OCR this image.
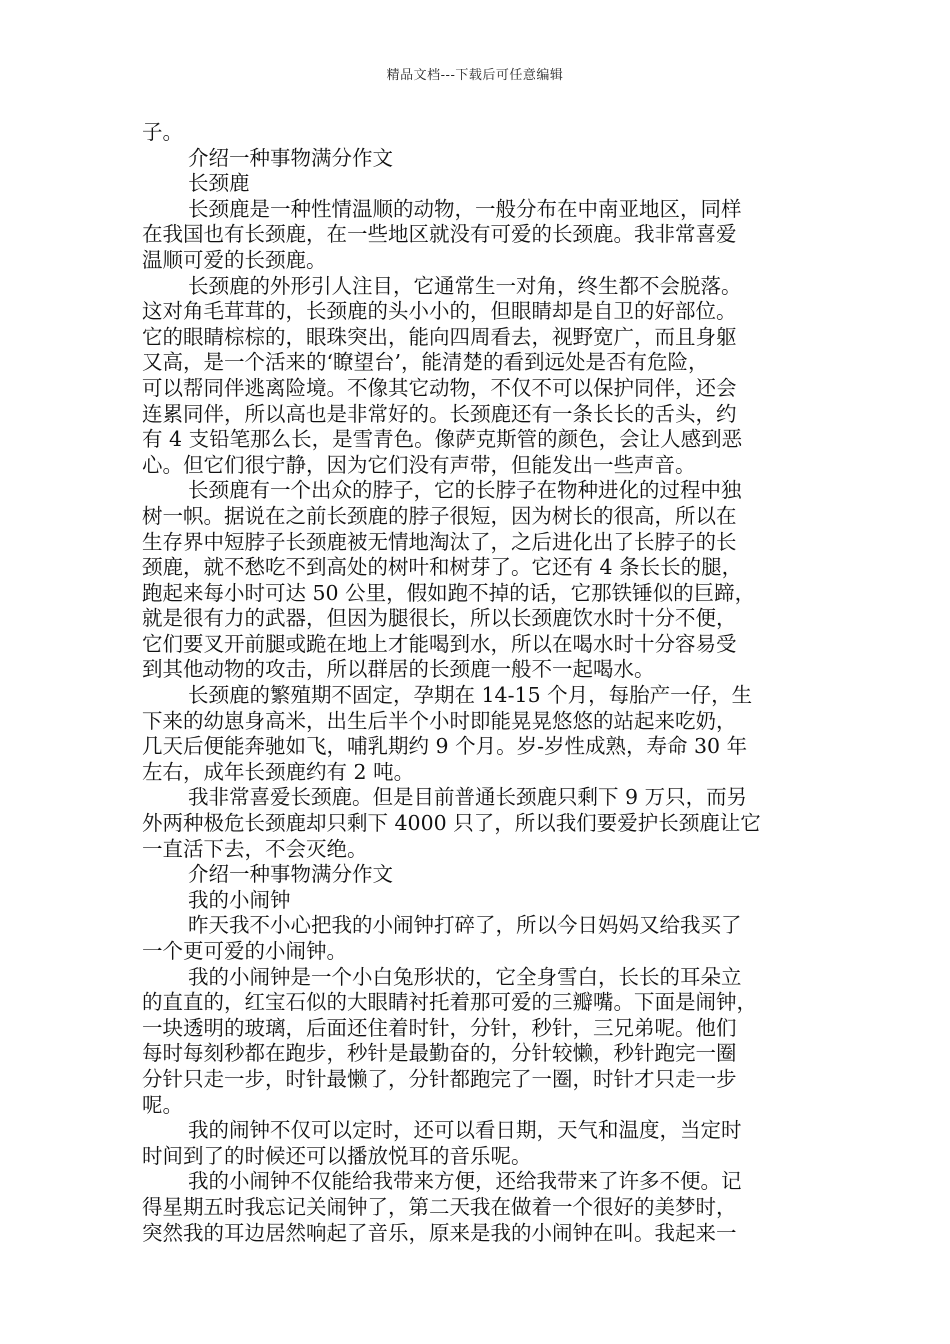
精品文档---下载后可任意编辑
子。
介绍一种事物满分作文
长颈鹿
长颈鹿是一种性情温顺的动物，一般分布在中南亚地区，同样
在我国也有长颈鹿，在一些地区就没有可爱的长颈鹿。我非常喜爱
温顺可爱的长颈鹿。
长颈鹿的外形引人注目，它通常生一对角，终生都不会脱落。
这对角毛茸茸的，长颈鹿的头小小的，但眼睛却是自卫的好部位。
它的眼睛棕棕的，眼珠突出，能向四周看去，视野宽广，而且身躯
又高，是一个活来的‘瞭望台’，能清楚的看到远处是否有危险，
可以帮同伴逃离险境。不像其它动物，不仅不可以保护同伴，还会
连累同伴，所以高也是非常好的。长颈鹿还有一条长长的舌头，约
有 4 支铅笔那么长，是雪青色。像萨克斯管的颜色，会让人感到恶
心。但它们很宁静，因为它们没有声带，但能发出一些声音。
长颈鹿有一个出众的脖子，它的长脖子在物种进化的过程中独
树一帜。据说在之前长颈鹿的脖子很短，因为树长的很高，所以在
生存界中短脖子长颈鹿被无情地淘汰了，之后进化出了长脖子的长
颈鹿，就不愁吃不到高处的树叶和树芽了。它还有 4 条长长的腿，
跑起来每小时可达 50 公里，假如跑不掉的话，它那铁锤似的巨蹄，
就是很有力的武器，但因为腿很长，所以长颈鹿饮水时十分不便，
它们要叉开前腿或跪在地上才能喝到水，所以在喝水时十分容易受
到其他动物的攻击，所以群居的长颈鹿一般不一起喝水。
长颈鹿的繁殖期不固定，孕期在 14-15 个月，每胎产一仔，生
下来的幼崽身高米，出生后半个小时即能晃晃悠悠的站起来吃奶，
几天后便能奔驰如飞，哺乳期约 9 个月。岁-岁性成熟，寿命 30 年
左右，成年长颈鹿约有 2 吨。
我非常喜爱长颈鹿。但是目前普通长颈鹿只剩下 9 万只，而另
外两种极危长颈鹿却只剩下 4000 只了，所以我们要爱护长颈鹿让它
一直活下去，不会灭绝。
介绍一种事物满分作文
我的小闹钟
昨天我不小心把我的小闹钟打碎了，所以今日妈妈又给我买了
一个更可爱的小闹钟。
我的小闹钟是一个小白兔形状的，它全身雪白，长长的耳朵立
的直直的，红宝石似的大眼睛衬托着那可爱的三瓣嘴。下面是闹钟，
一块透明的玻璃，后面还住着时针，分针，秒针，三兄弟呢。他们
每时每刻秒都在跑步，秒针是最勤奋的，分针较懒，秒针跑完一圈
分针只走一步，时针最懒了，分针都跑完了一圈，时针才只走一步
呢。
我的闹钟不仅可以定时，还可以看日期，天气和温度，当定时
时间到了的时候还可以播放悦耳的音乐呢。
我的小闹钟不仅能给我带来方便，还给我带来了许多不便。记
得星期五时我忘记关闹钟了，第二天我在做着一个很好的美梦时，
突然我的耳边居然响起了音乐，原来是我的小闹钟在叫。我起来一
